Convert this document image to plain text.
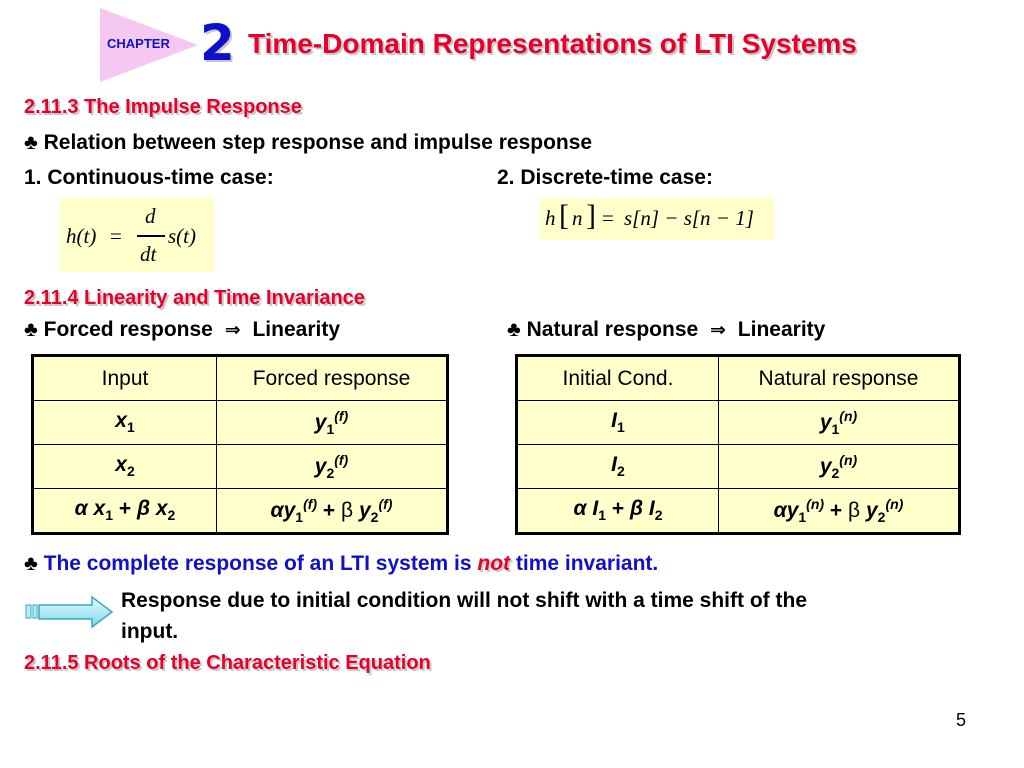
CHAPTER 2 Time-Domain Representations of LTI Systems
2.11.3 The Impulse Response
♣ Relation between step response and impulse response
1. Continuous-time case:	2. Discrete-time case:
h(t) =
d
dt
s(t)
h [ n ] = s[n] − s[n − 1]
2.11.4 Linearity and Time Invariance
♣ Forced response ⇒ Linearity	♣ Natural response ⇒ Linearity
Input	Forced response
$x_1$	$y_1^{(f)}$
$x_2$	$y_2^{(f)}$
α $x_1 + \beta$ $x_2$	$\alpha y_1^{(f)} + \beta$ $y_2^{(f)}$
Initial Cond.	Natural response
$I_1$	$y_1^{(n)}$
$I_2$	$y_2^{(n)}$
α $I_1 + \beta$ $I_2$	$\alpha y_1^{(n)} + \beta$ $y_2^{(n)}$
♣ The complete response of an LTI system is not time invariant.
Response due to initial condition will not shift with a time shift of the
input.
2.11.5 Roots of the Characteristic Equation
5
